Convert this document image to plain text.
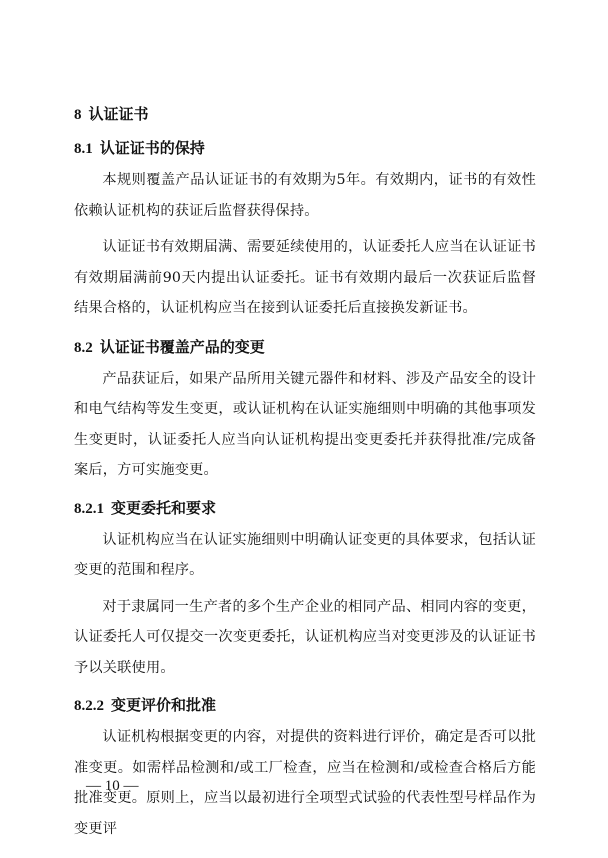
8 认证证书
8.1 认证证书的保持

本规则覆盖产品认证证书的有效期为5年。有效期内，证书的有效性依赖认证机构的获证后监督获得保持。

认证证书有效期届满、需要延续使用的，认证委托人应当在认证证书有效期届满前90天内提出认证委托。证书有效期内最后一次获证后监督结果合格的，认证机构应当在接到认证委托后直接换发新证书。

8.2 认证证书覆盖产品的变更

产品获证后，如果产品所用关键元器件和材料、涉及产品安全的设计和电气结构等发生变更，或认证机构在认证实施细则中明确的其他事项发生变更时，认证委托人应当向认证机构提出变更委托并获得批准/完成备案后，方可实施变更。

8.2.1 变更委托和要求

认证机构应当在认证实施细则中明确认证变更的具体要求，包括认证变更的范围和程序。

对于隶属同一生产者的多个生产企业的相同产品、相同内容的变更，认证委托人可仅提交一次变更委托，认证机构应当对变更涉及的认证证书予以关联使用。

8.2.2 变更评价和批准

认证机构根据变更的内容，对提供的资料进行评价，确定是否可以批准变更。如需样品检测和/或工厂检查，应当在检测和/或检查合格后方能批准变更。原则上，应当以最初进行全项型式试验的代表性型号样品作为变更评

— 10 —
